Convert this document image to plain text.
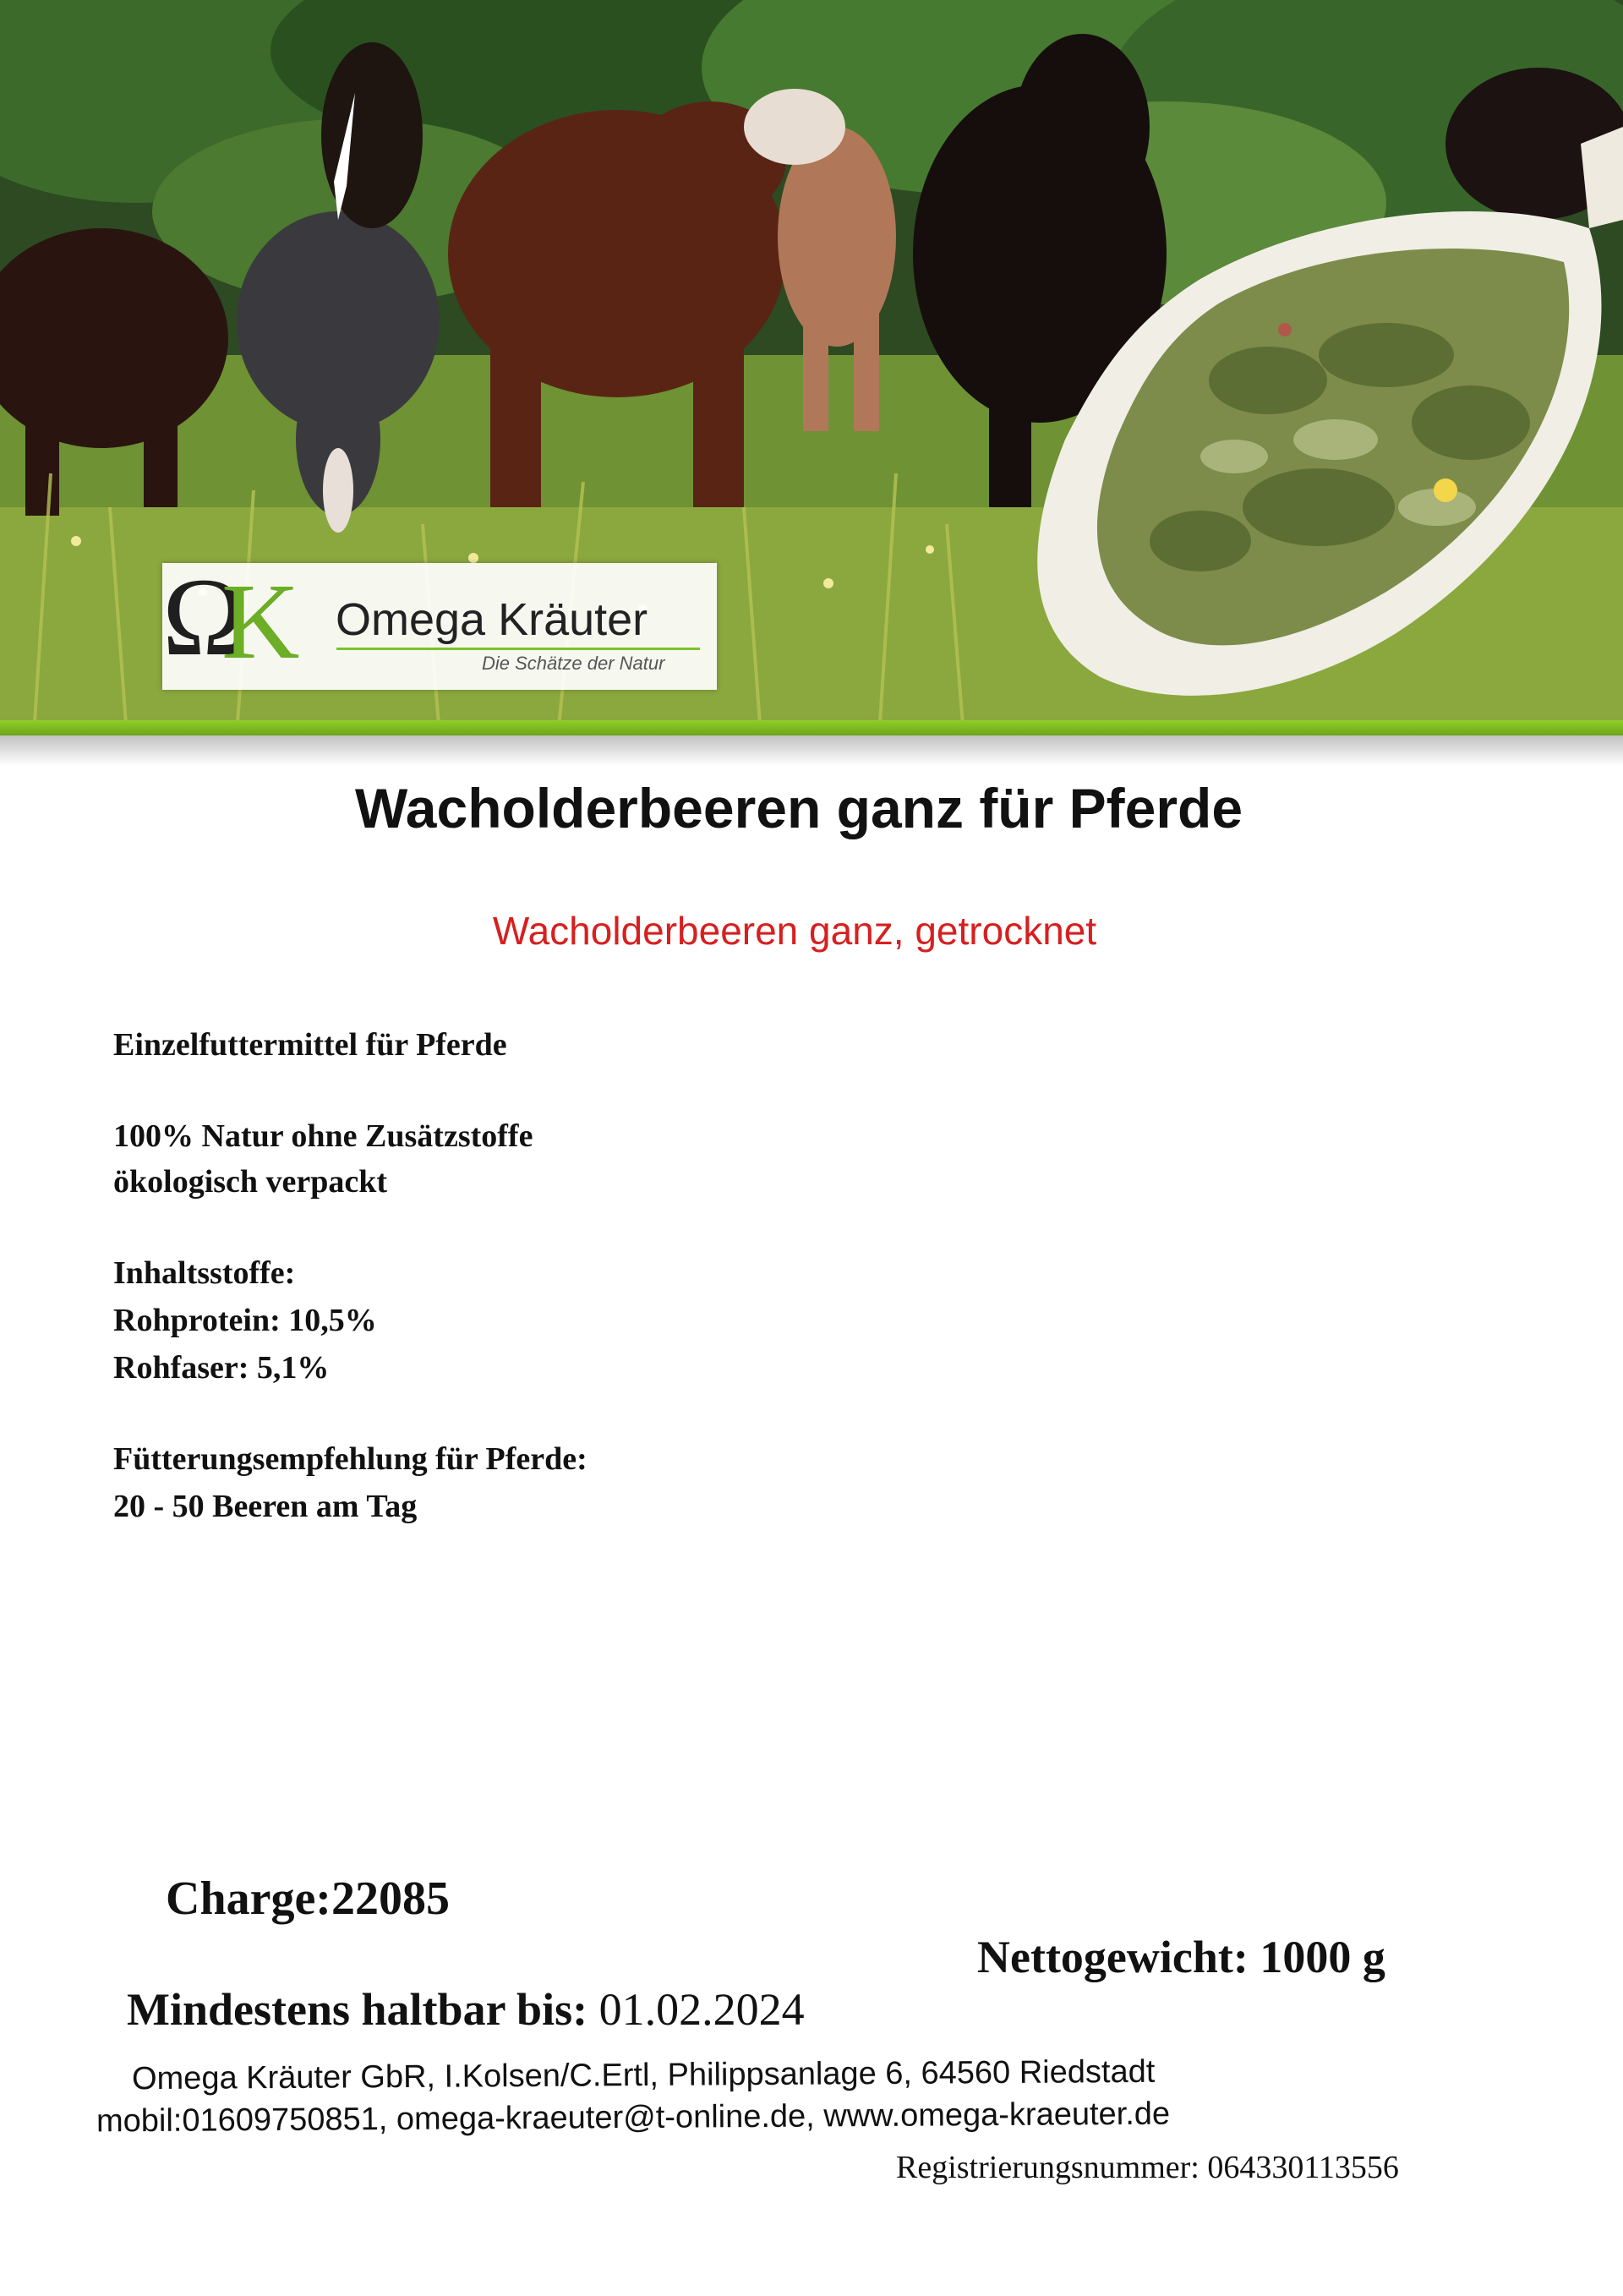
Ω
K Omega Kräuter
Die Schätze der Natur
Wacholderbeeren ganz für Pferde
Wacholderbeeren ganz, getrocknet
Einzelfuttermittel für Pferde
100% Natur ohne Zusätzstoffe
ökologisch verpackt
Inhaltsstoffe:
Rohprotein: 10,5%
Rohfaser: 5,1%
Fütterungsempfehlung für Pferde:
20 - 50 Beeren am Tag
Charge:22085
Nettogewicht: 1000 g
Mindestens haltbar bis: 01.02.2024
Omega Kräuter GbR, I.Kolsen/C.Ertl, Philippsanlage 6, 64560 Riedstadt
mobil:01609750851, omega-kraeuter@t-online.de, www.omega-kraeuter.de
Registrierungsnummer: 064330113556
